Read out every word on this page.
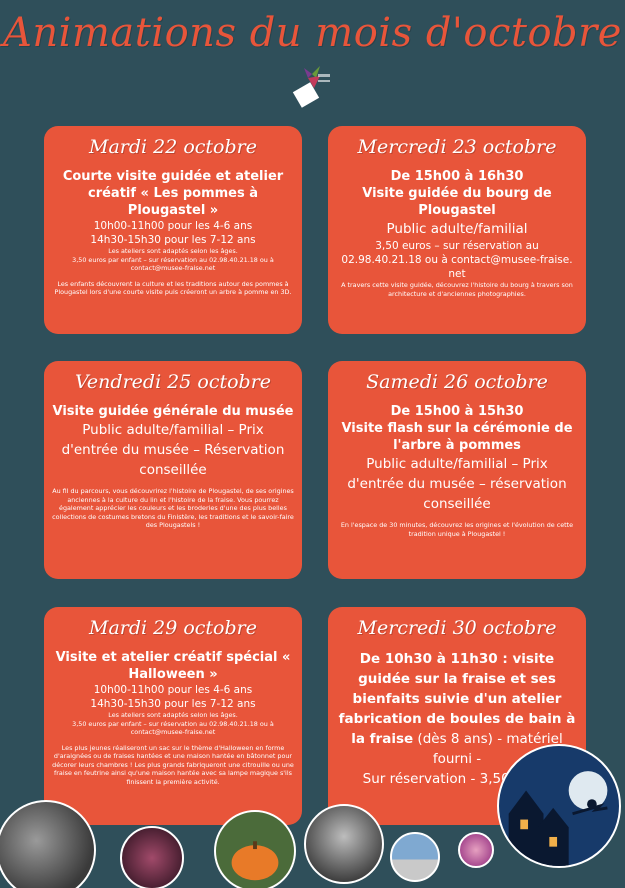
Animations du mois d'octobre
Mardi 22 octobre
Courte visite guidée et atelier créatif « Les pommes à Plougastel »
10h00-11h00 pour les 4-6 ans
14h30-15h30 pour les 7-12 ans
Les ateliers sont adaptés selon les âges.
3,50 euros par enfant – sur réservation au 02.98.40.21.18 ou à contact@musee-fraise.net
Les enfants découvrent la culture et les traditions autour des pommes à Plougastel lors d'une courte visite puis créeront un arbre à pomme en 3D.
Mercredi 23 octobre
De 15h00 à 16h30
Visite guidée du bourg de Plougastel
Public adulte/familial
3,50 euros – sur réservation au 02.98.40.21.18 ou à contact@musee-fraise. net
A travers cette visite guidée, découvrez l'histoire du bourg à travers son architecture et d'anciennes photographies.
Vendredi 25 octobre
Visite guidée générale du musée
Public adulte/familial – Prix d'entrée du musée – Réservation conseillée
Au fil du parcours, vous découvrirez l'histoire de Plougastel, de ses origines anciennes à la culture du lin et l'histoire de la fraise. Vous pourrez également apprécier les couleurs et les broderies d'une des plus belles collections de costumes bretons du Finistère, les traditions et le savoir-faire des Plougastels !
Samedi 26 octobre
De 15h00 à 15h30
Visite flash sur la cérémonie de l'arbre à pommes
Public adulte/familial – Prix d'entrée du musée – réservation conseillée
En l'espace de 30 minutes, découvrez les origines et l'évolution de cette tradition unique à Plougastel !
Mardi 29 octobre
Visite et atelier créatif spécial « Halloween »
10h00-11h00 pour les 4-6 ans
14h30-15h30 pour les 7-12 ans
Les ateliers sont adaptés selon les âges.
3,50 euros par enfant – sur réservation au 02.98.40.21.18 ou à contact@musee-fraise.net
Les plus jeunes réaliseront un sac sur le thème d'Halloween en forme d'araignées ou de fraises hantées et une maison hantée en bâtonnet pour décorer leurs chambres ! Les plus grands fabriqueront une citrouille ou une fraise en feutrine ainsi qu'une maison hantée avec sa lampe magique s'ils finissent la première activité.
Mercredi 30 octobre
De 10h30 à 11h30 : visite guidée sur la fraise et ses bienfaits suivie d'un atelier fabrication de boules de bain à la fraise (dès 8 ans) - matériel fourni -
Sur réservation - 3,50 euros
